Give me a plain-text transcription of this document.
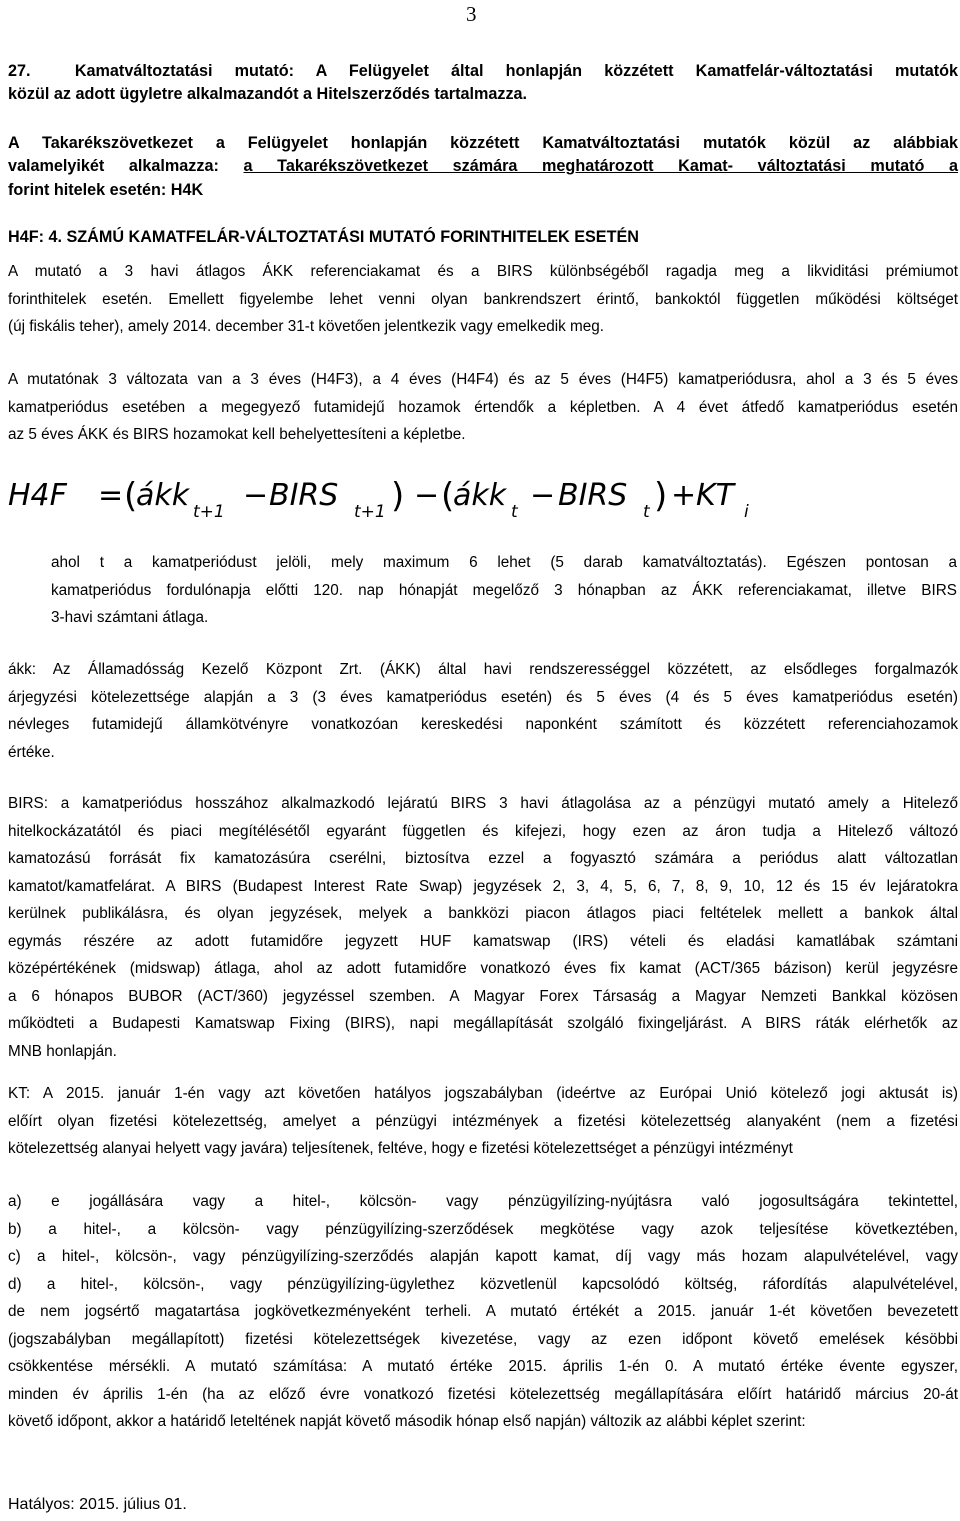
3
27.  Kamatváltoztatási mutató: A Felügyelet által honlapján közzétett Kamatfelár-változtatási mutatók
közül az adott ügyletre alkalmazandót a Hitelszerződés tartalmazza.
A Takarékszövetkezet a Felügyelet honlapján közzétett Kamatváltoztatási mutatók közül az alábbiak
valamelyikét alkalmazza: a Takarékszövetkezet számára meghatározott Kamat- változtatási mutató a
forint hitelek esetén: H4K
H4F: 4. SZÁMÚ KAMATFELÁR-VÁLTOZTATÁSI MUTATÓ FORINTHITELEK ESETÉN
A mutató a 3 havi átlagos ÁKK referenciakamat és a BIRS különbségéből ragadja meg a likviditási prémiumot
forinthitelek esetén. Emellett figyelembe lehet venni olyan bankrendszert érintő, bankoktól független működési költséget
(új fiskális teher), amely 2014. december 31-t követően jelentkezik vagy emelkedik meg.
A mutatónak 3 változata van a 3 éves (H4F3), a 4 éves (H4F4) és az 5 éves (H4F5) kamatperiódusra, ahol a 3 és 5 éves
kamatperiódus esetében a megegyező futamidejű hozamok értendők a képletben. A 4 évet átfedő kamatperiódus esetén
az 5 éves ÁKK és BIRS hozamokat kell behelyettesíteni a képletbe.
H4F = (
ákk t+1 − BIRS t+1 ) − (
ákk t − BIRS t ) + KT i
ahol t a kamatperiódust jelöli, mely maximum 6 lehet (5 darab kamatváltoztatás). Egészen pontosan a
kamatperiódus fordulónapja előtti 120. nap hónapját megelőző 3 hónapban az ÁKK referenciakamat, illetve BIRS
3-havi számtani átlaga.
ákk: Az Államadósság Kezelő Központ Zrt. (ÁKK) által havi rendszerességgel közzétett, az elsődleges forgalmazók
árjegyzési kötelezettsége alapján a 3 (3 éves kamatperiódus esetén) és 5 éves (4 és 5 éves kamatperiódus esetén)
névleges futamidejű államkötvényre vonatkozóan kereskedési naponként számított és közzétett referenciahozamok
értéke.
BIRS: a kamatperiódus hosszához alkalmazkodó lejáratú BIRS 3 havi átlagolása az a pénzügyi mutató amely a Hitelező
hitelkockázatától és piaci megítélésétől egyaránt független és kifejezi, hogy ezen az áron tudja a Hitelező változó
kamatozású forrását fix kamatozásúra cserélni, biztosítva ezzel a fogyasztó számára a periódus alatt változatlan
kamatot/kamatfelárat. A BIRS (Budapest Interest Rate Swap) jegyzések 2, 3, 4, 5, 6, 7, 8, 9, 10, 12 és 15 év lejáratokra
kerülnek publikálásra, és olyan jegyzések, melyek a bankközi piacon átlagos piaci feltételek mellett a bankok által
egymás részére az adott futamidőre jegyzett HUF kamatswap (IRS) vételi és eladási kamatlábak számtani
középértékének (midswap) átlaga, ahol az adott futamidőre vonatkozó éves fix kamat (ACT/365 bázison) kerül jegyzésre
a 6 hónapos BUBOR (ACT/360) jegyzéssel szemben. A Magyar Forex Társaság a Magyar Nemzeti Bankkal közösen
működteti a Budapesti Kamatswap Fixing (BIRS), napi megállapítását szolgáló fixingeljárást. A BIRS ráták elérhetők az
MNB honlapján.
KT: A 2015. január 1-én vagy azt követően hatályos jogszabályban (ideértve az Európai Unió kötelező jogi aktusát is)
előírt olyan fizetési kötelezettség, amelyet a pénzügyi intézmények a fizetési kötelezettség alanyaként (nem a fizetési
kötelezettség alanyai helyett vagy javára) teljesítenek, feltéve, hogy e fizetési kötelezettséget a pénzügyi intézményt
a)  e  jogállására  vagy  a  hitel-,  kölcsön-  vagy  pénzügyilízing-nyújtásra  való  jogosultságára  tekintettel,
b)  a  hitel-,  a  kölcsön-  vagy  pénzügyilízing-szerződések  megkötése  vagy  azok  teljesítése  következtében,
c) a hitel-, kölcsön-, vagy pénzügyilízing-szerződés alapján kapott kamat, díj vagy más hozam alapulvételével, vagy
d)  a  hitel-,  kölcsön-,  vagy  pénzügyilízing-ügylethez  közvetlenül  kapcsolódó  költség,  ráfordítás  alapulvételével,
de nem jogsértő magatartása jogkövetkezményeként terheli. A mutató értékét a 2015. január 1-ét követően bevezetett
(jogszabályban megállapított) fizetési kötelezettségek kivezetése, vagy az ezen időpont követő emelések késöbbi
csökkentése mérsékli. A mutató számítása: A mutató értéke 2015. április 1-én 0. A mutató értéke évente egyszer,
minden év április 1-én (ha az előző évre vonatkozó fizetési kötelezettség megállapítására előírt határidő március 20-át
követő időpont, akkor a határidő leteltének napját követő második hónap első napján) változik az alábbi képlet szerint:
Hatályos: 2015. július 01.
